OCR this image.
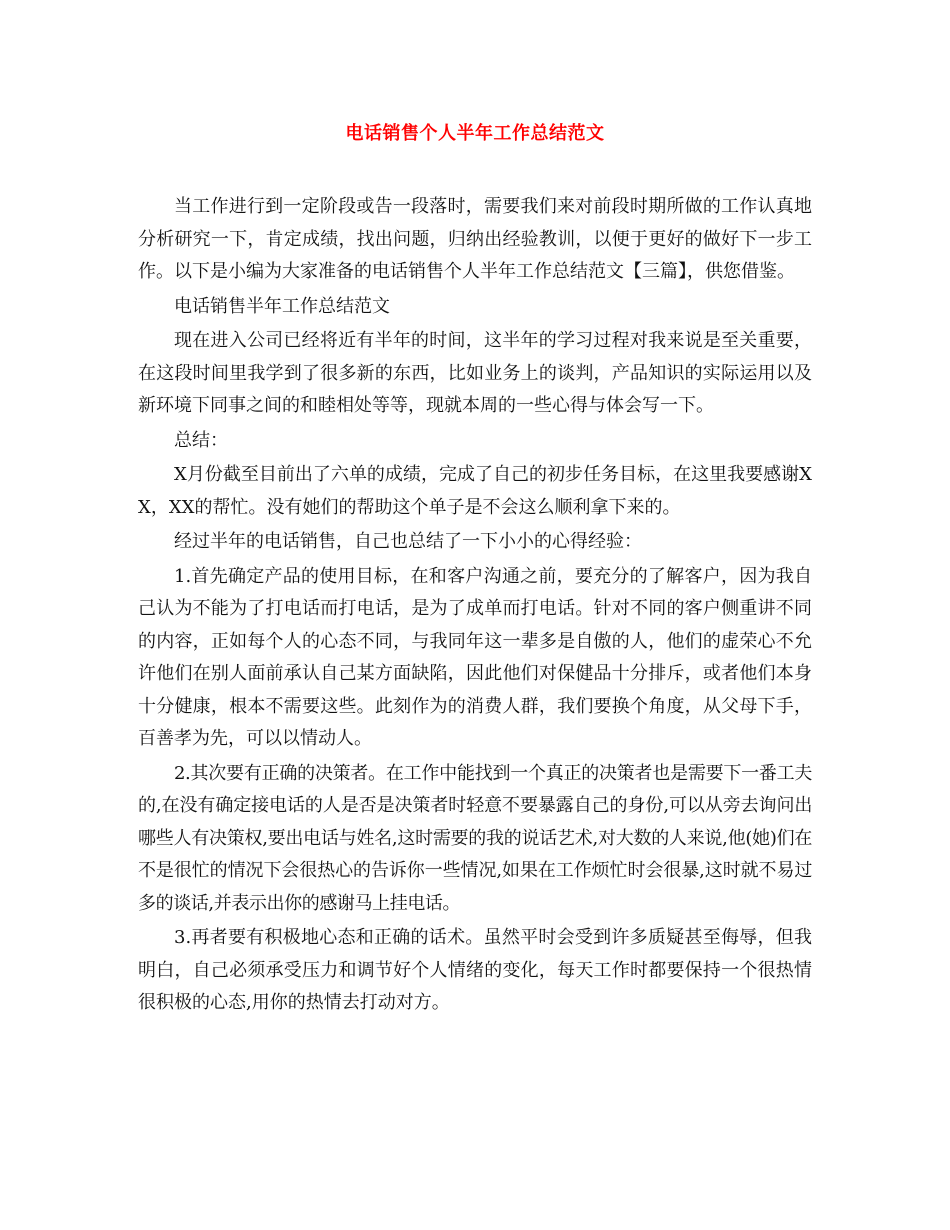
电话销售个人半年工作总结范文

当工作进行到一定阶段或告一段落时，需要我们来对前段时期所做的工作认真地分析研究一下，肯定成绩，找出问题，归纳出经验教训，以便于更好的做好下一步工作。以下是小编为大家准备的电话销售个人半年工作总结范文【三篇】，供您借鉴。

电话销售半年工作总结范文

现在进入公司已经将近有半年的时间，这半年的学习过程对我来说是至关重要，在这段时间里我学到了很多新的东西，比如业务上的谈判，产品知识的实际运用以及新环境下同事之间的和睦相处等等，现就本周的一些心得与体会写一下。

总结：

X月份截至目前出了六单的成绩，完成了自己的初步任务目标，在这里我要感谢XX，XX的帮忙。没有她们的帮助这个单子是不会这么顺利拿下来的。

经过半年的电话销售，自己也总结了一下小小的心得经验：

1.首先确定产品的使用目标，在和客户沟通之前，要充分的了解客户，因为我自己认为不能为了打电话而打电话，是为了成单而打电话。针对不同的客户侧重讲不同的内容，正如每个人的心态不同，与我同年这一辈多是自傲的人，他们的虚荣心不允许他们在别人面前承认自己某方面缺陷，因此他们对保健品十分排斥，或者他们本身十分健康，根本不需要这些。此刻作为的消费人群，我们要换个角度，从父母下手，百善孝为先，可以以情动人。

2.其次要有正确的决策者。在工作中能找到一个真正的决策者也是需要下一番工夫的,在没有确定接电话的人是否是决策者时轻意不要暴露自己的身份,可以从旁去询问出哪些人有决策权,要出电话与姓名,这时需要的我的说话艺术,对大数的人来说,他(她)们在不是很忙的情况下会很热心的告诉你一些情况,如果在工作烦忙时会很暴,这时就不易过多的谈话,并表示出你的感谢马上挂电话。

3.再者要有积极地心态和正确的话术。虽然平时会受到许多质疑甚至侮辱，但我明白，自己必须承受压力和调节好个人情绪的变化，每天工作时都要保持一个很热情很积极的心态,用你的热情去打动对方。
